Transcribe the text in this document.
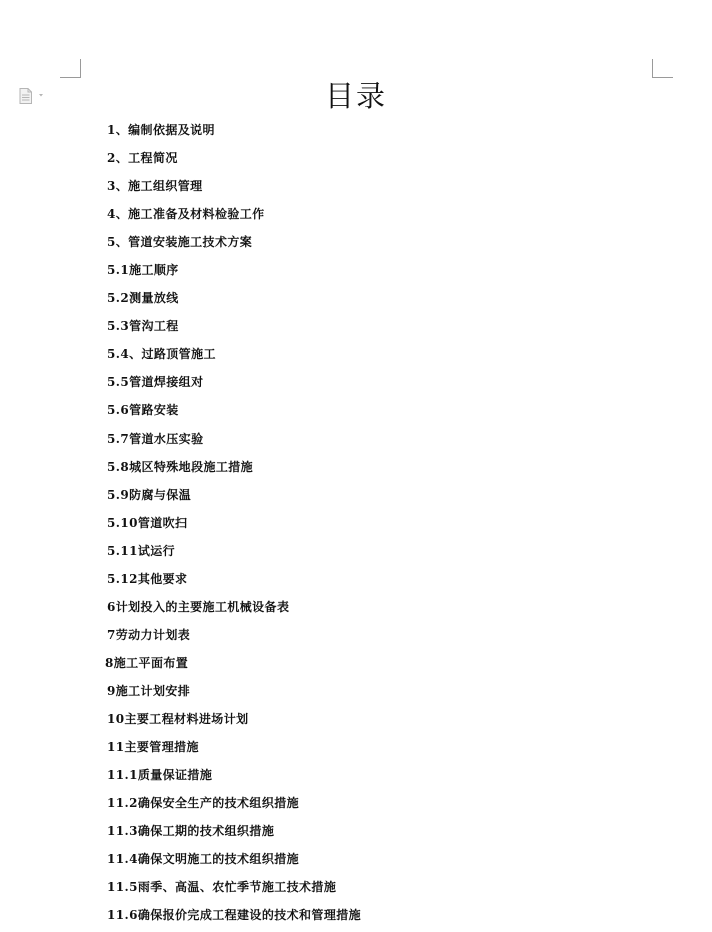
目录
1、编制依据及说明
2、工程简况
3、施工组织管理
4、施工准备及材料检验工作
5、管道安装施工技术方案
5.1施工顺序
5.2测量放线
5.3管沟工程
5.4、过路顶管施工
5.5管道焊接组对
5.6管路安装
5.7管道水压实验
5.8城区特殊地段施工措施
5.9防腐与保温
5.10管道吹扫
5.11试运行
5.12其他要求
6计划投入的主要施工机械设备表
7劳动力计划表
8施工平面布置
9施工计划安排
10主要工程材料进场计划
11主要管理措施
11.1质量保证措施
11.2确保安全生产的技术组织措施
11.3确保工期的技术组织措施
11.4确保文明施工的技术组织措施
11.5雨季、高温、农忙季节施工技术措施
11.6确保报价完成工程建设的技术和管理措施
